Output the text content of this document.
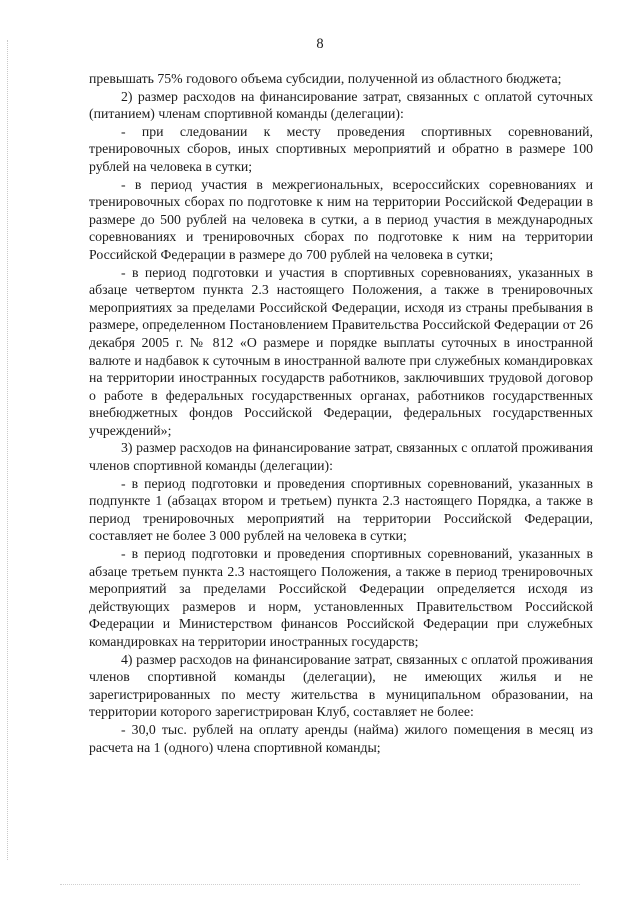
8

превышать 75% годового объема субсидии, полученной из областного бюджета;

2) размер расходов на финансирование затрат, связанных с оплатой суточных (питанием) членам спортивной команды (делегации):

- при следовании к месту проведения спортивных соревнований, тренировочных сборов, иных спортивных мероприятий и обратно в размере 100 рублей на человека в сутки;

- в период участия в межрегиональных, всероссийских соревнованиях и тренировочных сборах по подготовке к ним на территории Российской Федерации в размере до 500 рублей на человека в сутки, а в период участия в международных соревнованиях и тренировочных сборах по подготовке к ним на территории Российской Федерации в размере до 700 рублей на человека в сутки;

- в период подготовки и участия в спортивных соревнованиях, указанных в абзаце четвертом пункта 2.3 настоящего Положения, а также в тренировочных мероприятиях за пределами Российской Федерации, исходя из страны пребывания в размере, определенном Постановлением Правительства Российской Федерации от 26 декабря 2005 г. № 812 «О размере и порядке выплаты суточных в иностранной валюте и надбавок к суточным в иностранной валюте при служебных командировках на территории иностранных государств работников, заключивших трудовой договор о работе в федеральных государственных органах, работников государственных внебюджетных фондов Российской Федерации, федеральных государственных учреждений»;

3) размер расходов на финансирование затрат, связанных с оплатой проживания членов спортивной команды (делегации):

- в период подготовки и проведения спортивных соревнований, указанных в подпункте 1 (абзацах втором и третьем) пункта 2.3 настоящего Порядка, а также в период тренировочных мероприятий на территории Российской Федерации, составляет не более 3 000 рублей на человека в сутки;

- в период подготовки и проведения спортивных соревнований, указанных в абзаце третьем пункта 2.3 настоящего Положения, а также в период тренировочных мероприятий за пределами Российской Федерации определяется исходя из действующих размеров и норм, установленных Правительством Российской Федерации и Министерством финансов Российской Федерации при служебных командировках на территории иностранных государств;

4) размер расходов на финансирование затрат, связанных с оплатой проживания членов спортивной команды (делегации), не имеющих жилья и не зарегистрированных по месту жительства в муниципальном образовании, на территории которого зарегистрирован Клуб, составляет не более:

- 30,0 тыс. рублей на оплату аренды (найма) жилого помещения в месяц из расчета на 1 (одного) члена спортивной команды;
